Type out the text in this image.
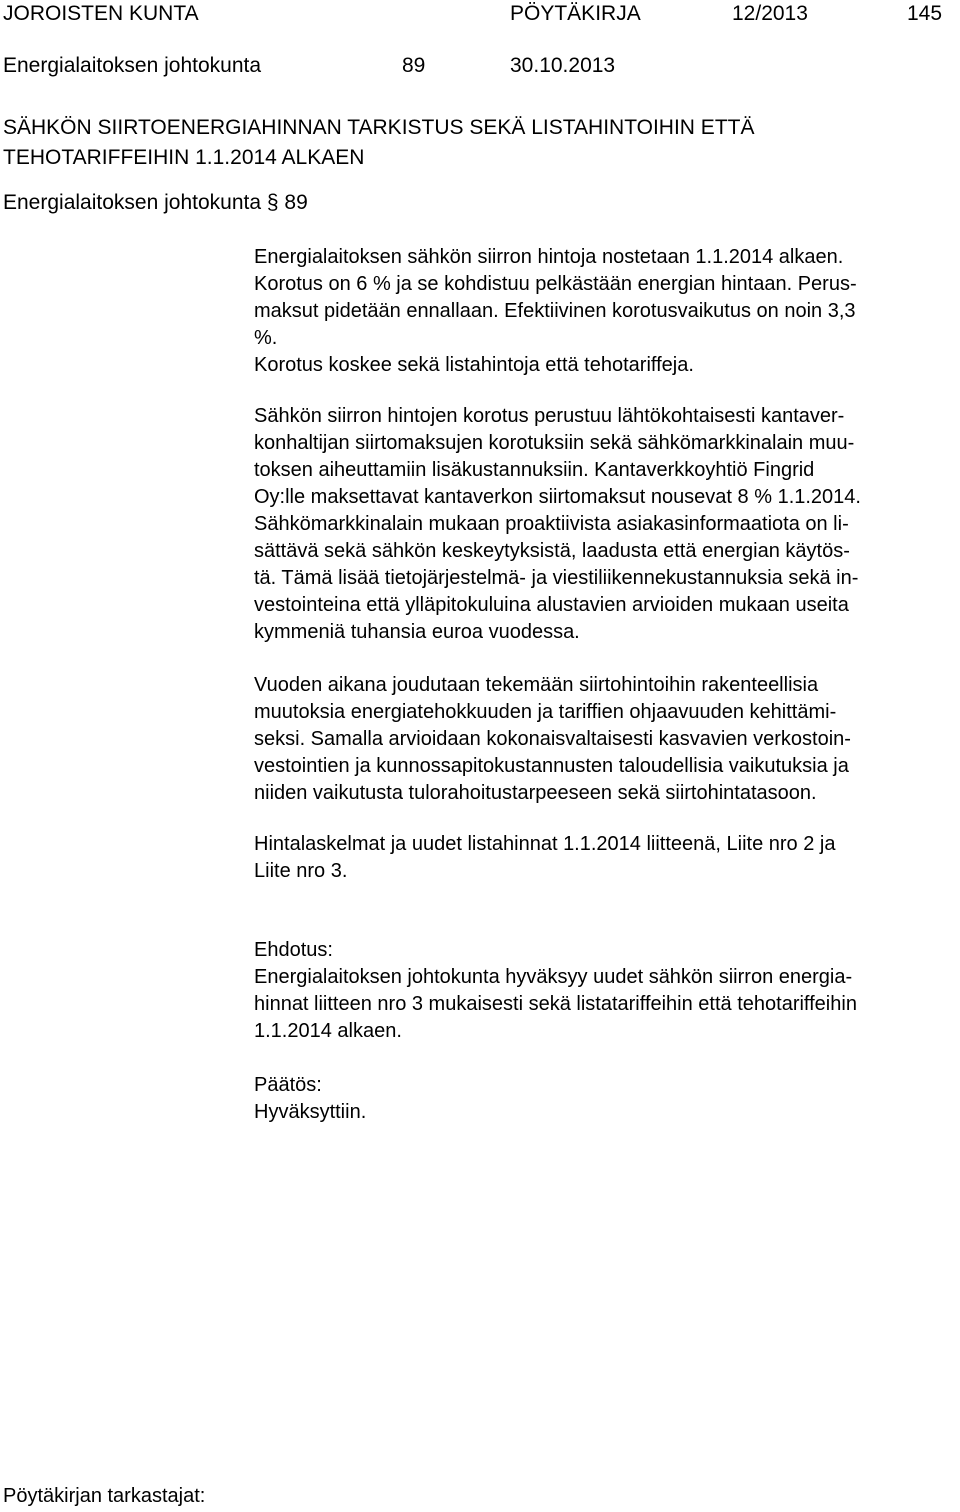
JOROISTEN KUNTA	PÖYTÄKIRJA	12/2013	145
Energialaitoksen johtokunta	89	30.10.2013
SÄHKÖN SIIRTOENERGIAHINNAN TARKISTUS SEKÄ LISTAHINTOIHIN ETTÄ
TEHOTARIFFEIHIN 1.1.2014 ALKAEN
Energialaitoksen johtokunta § 89
Energialaitoksen sähkön siirron hintoja nostetaan 1.1.2014 alkaen.
Korotus on 6 % ja se kohdistuu pelkästään energian hintaan. Perus-
maksut pidetään ennallaan. Efektiivinen korotusvaikutus on noin 3,3
%.
Korotus koskee sekä listahintoja että tehotariffeja.
Sähkön siirron hintojen korotus perustuu lähtökohtaisesti kantaver-
konhaltijan siirtomaksujen korotuksiin sekä sähkömarkkinalain muu-
toksen aiheuttamiin lisäkustannuksiin. Kantaverkkoyhtiö Fingrid
Oy:lle maksettavat kantaverkon siirtomaksut nousevat 8 % 1.1.2014.
Sähkömarkkinalain mukaan proaktiivista asiakasinformaatiota on li-
sättävä sekä sähkön keskeytyksistä, laadusta että energian käytös-
tä. Tämä lisää tietojärjestelmä- ja viestiliikennekustannuksia sekä in-
vestointeina että ylläpitokuluina alustavien arvioiden mukaan useita
kymmeniä tuhansia euroa vuodessa.
Vuoden aikana joudutaan tekemään siirtohintoihin rakenteellisia
muutoksia energiatehokkuuden ja tariffien ohjaavuuden kehittämi-
seksi. Samalla arvioidaan kokonaisvaltaisesti kasvavien verkostoin-
vestointien ja kunnossapitokustannusten taloudellisia vaikutuksia ja
niiden vaikutusta tulorahoitustarpeeseen sekä siirtohintatasoon.
Hintalaskelmat ja uudet listahinnat 1.1.2014 liitteenä, Liite nro 2 ja
Liite nro 3.
Ehdotus:
Energialaitoksen johtokunta hyväksyy uudet sähkön siirron energia-
hinnat liitteen nro 3 mukaisesti sekä listatariffeihin että tehotariffeihin
1.1.2014 alkaen.
Päätös:
Hyväksyttiin.
Pöytäkirjan tarkastajat:
